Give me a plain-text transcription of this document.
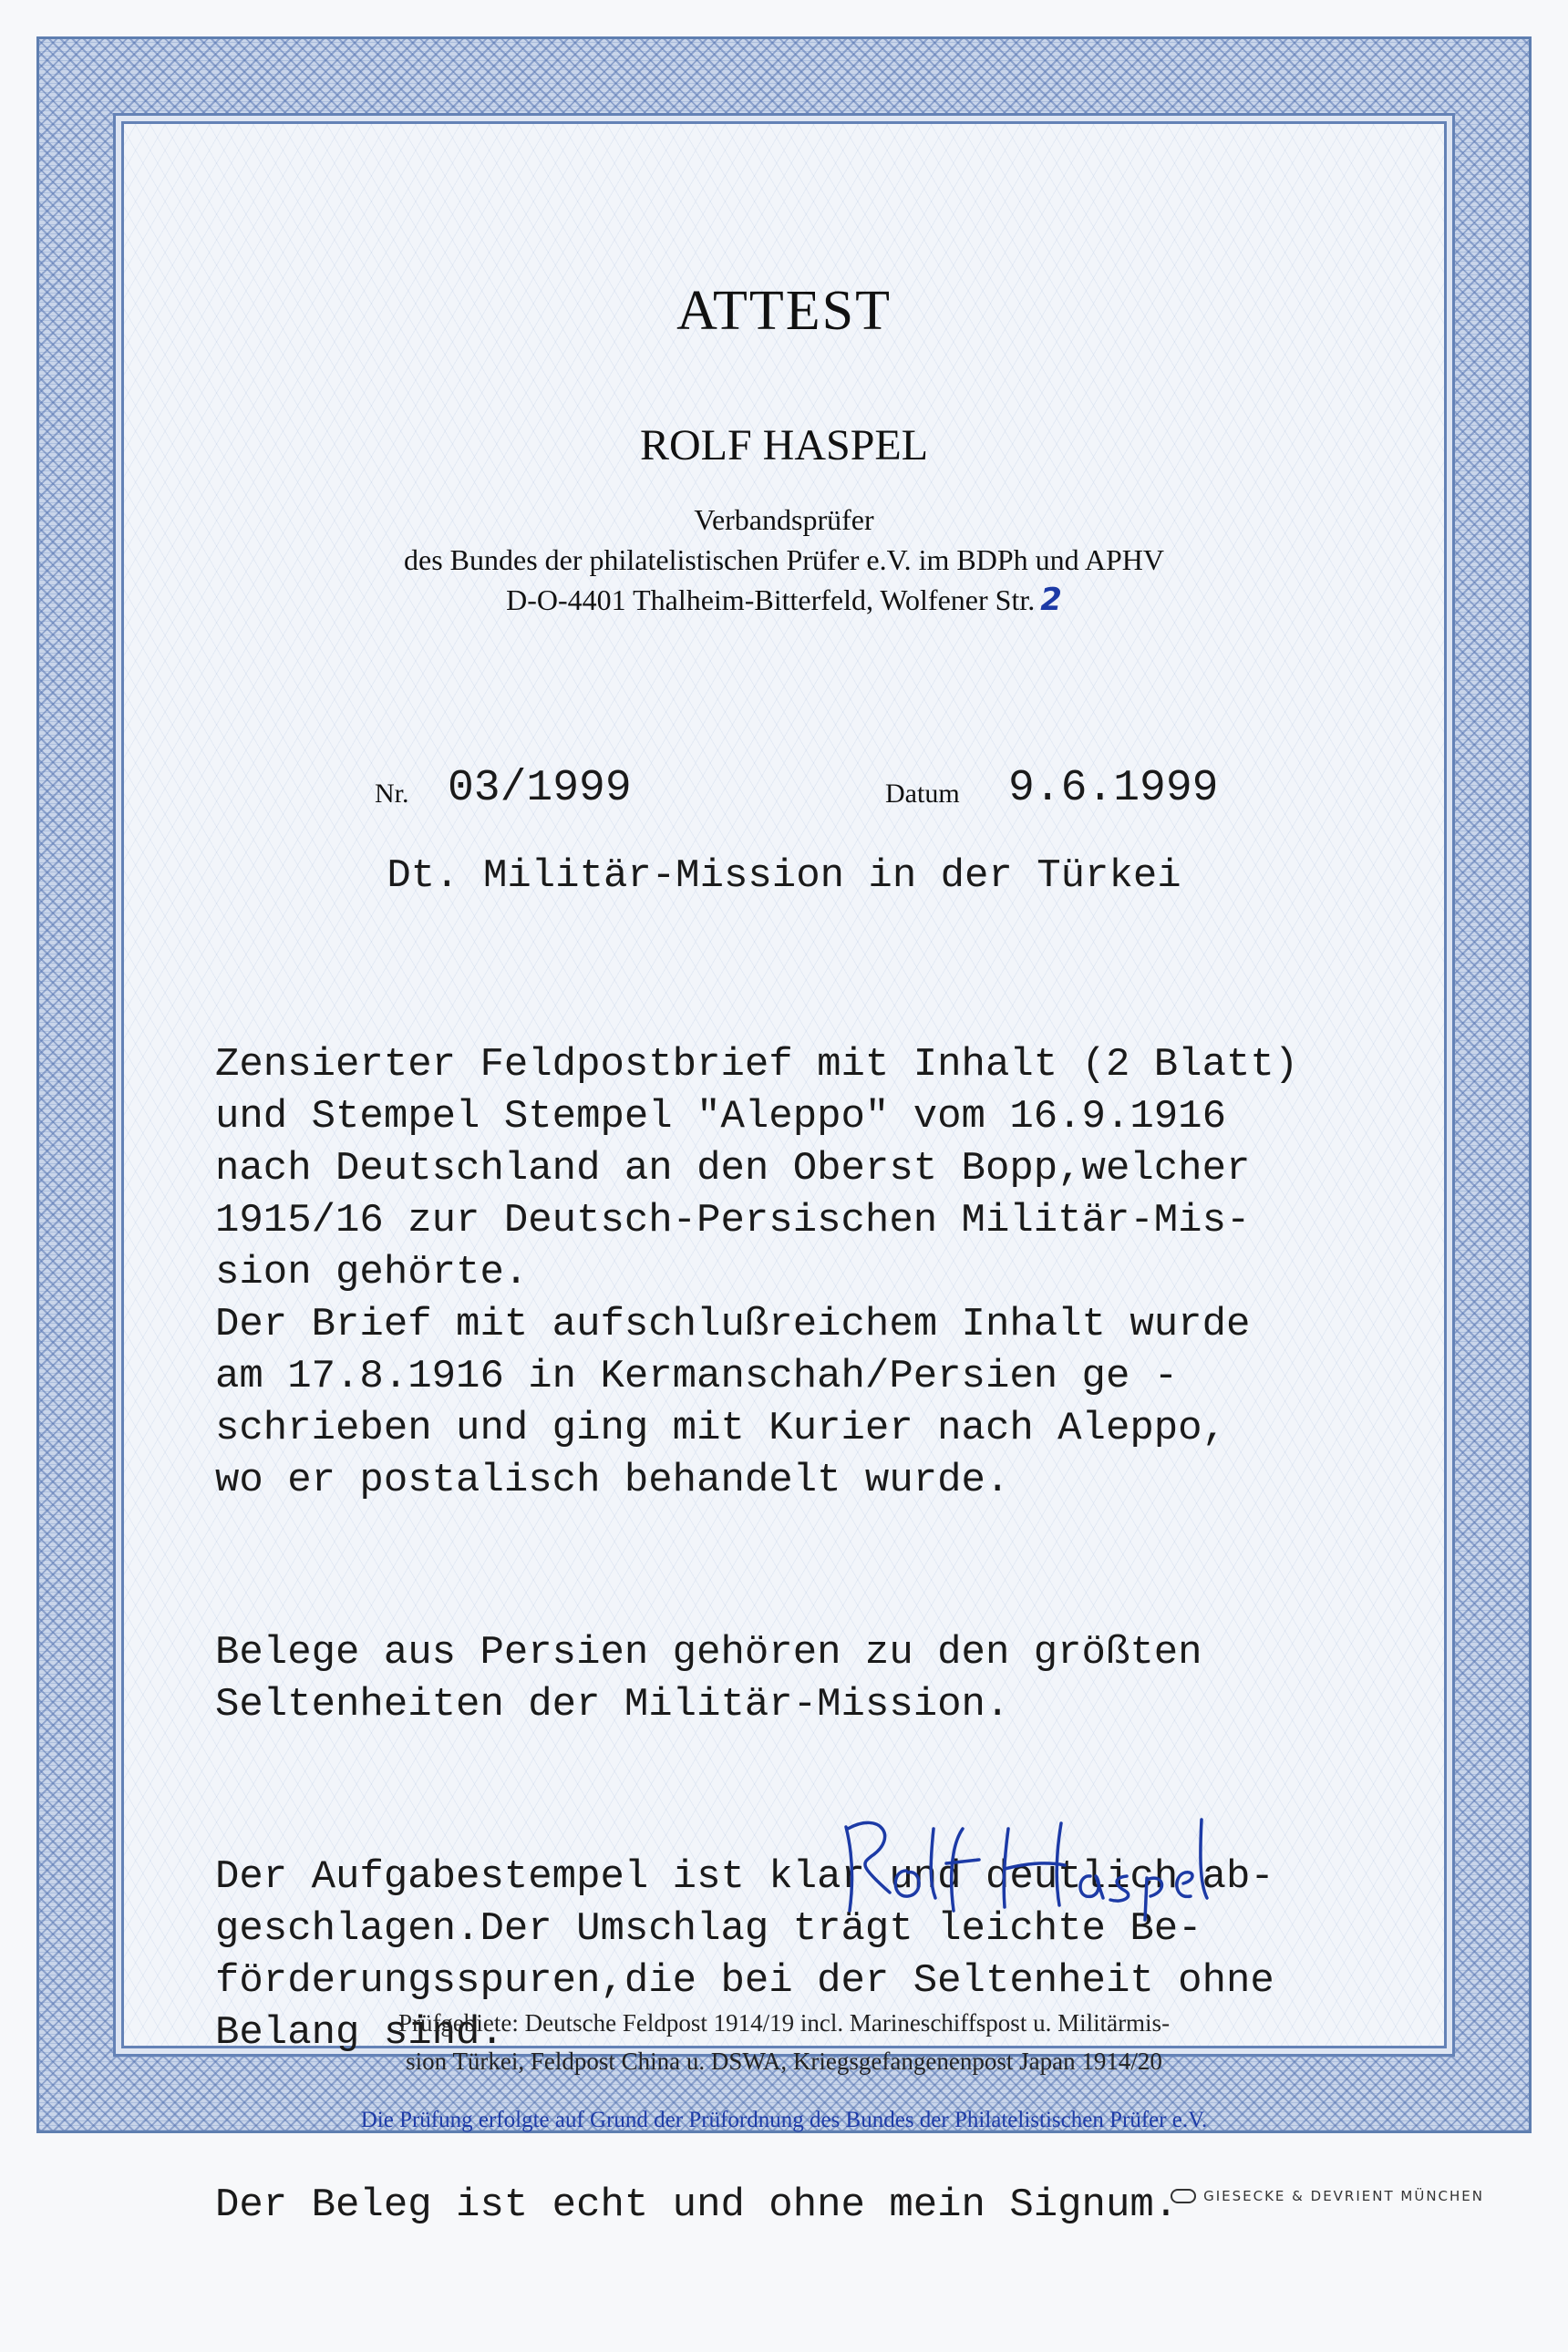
ATTEST
ROLF HASPEL
Verbandsprüfer
des Bundes der philatelistischen Prüfer e.V. im BDPh und APHV
D-O-4401 Thalheim-Bitterfeld, Wolfener Str. 2
Nr. 03/1999	Datum 9.6.1999
Dt. Militär-Mission in der Türkei

Zensierter Feldpostbrief mit Inhalt (2 Blatt)
und Stempel Stempel "Aleppo" vom 16.9.1916
nach Deutschland an den Oberst Bopp,welcher
1915/16 zur Deutsch-Persischen Militär-Mis-
sion gehörte.
Der Brief mit aufschlußreichem Inhalt wurde
am 17.8.1916 in Kermanschah/Persien ge -
schrieben und ging mit Kurier nach Aleppo,
wo er postalisch behandelt wurde.

Belege aus Persien gehören zu den größten
Seltenheiten der Militär-Mission.

Der Aufgabestempel ist klar und deutlich ab-
geschlagen.Der Umschlag trägt leichte Be-
förderungsspuren,die bei der Seltenheit ohne
Belang sind.

Der Beleg ist echt und ohne mein Signum.

Prüfgebiete: Deutsche Feldpost 1914/19 incl. Marineschiffspost u. Militärmis-
sion Türkei, Feldpost China u. DSWA, Kriegsgefangenenpost Japan 1914/20
Die Prüfung erfolgte auf Grund der Prüfordnung des Bundes der Philatelistischen Prüfer e.V.
GIESECKE & DEVRIENT MÜNCHEN
